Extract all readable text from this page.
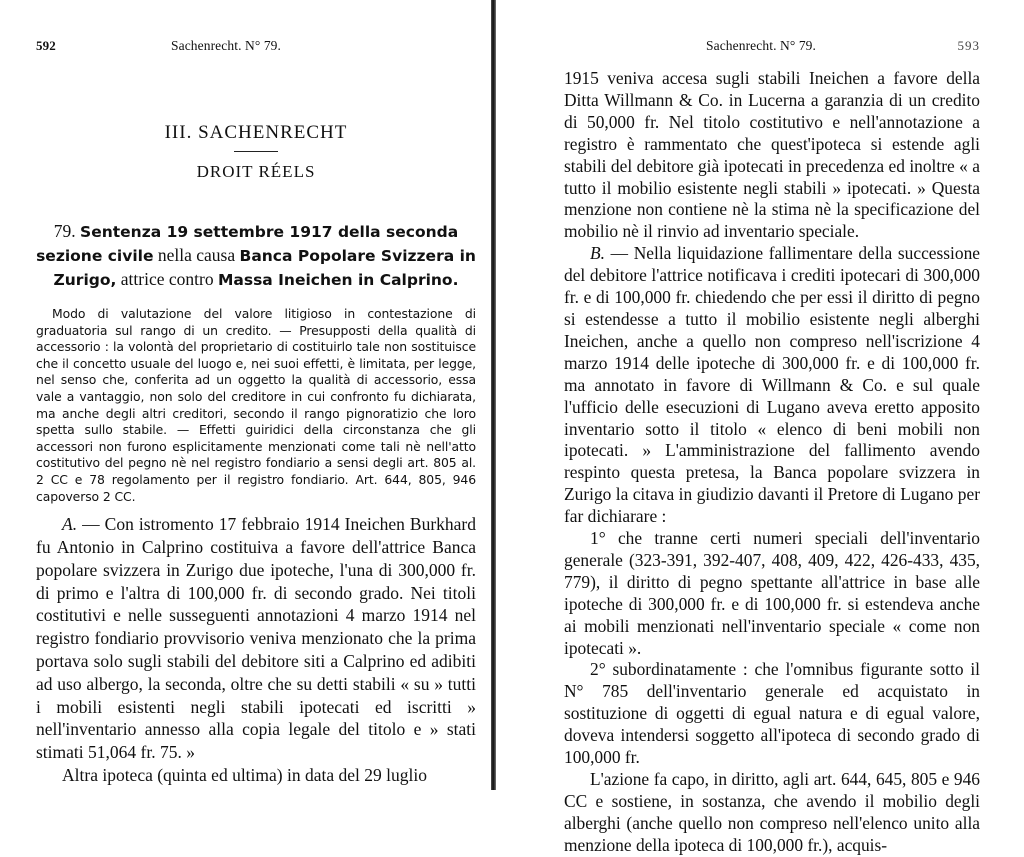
592	Sachenrecht. N° 79.
III. SACHENRECHT
DROIT RÉELS
79. Sentenza 19 settembre 1917 della seconda sezione civile nella causa Banca Popolare Svizzera in Zurigo, attrice contro Massa Ineichen in Calprino.
Modo di valutazione del valore litigioso in contestazione di graduatoria sul rango di un credito. — Presupposti della qualità di accessorio : la volontà del proprietario di costituirlo tale non sostituisce che il concetto usuale del luogo e, nei suoi effetti, è limitata, per legge, nel senso che, conferita ad un oggetto la qualità di accessorio, essa vale a vantaggio, non solo del creditore in cui confronto fu dichiarata, ma anche degli altri creditori, secondo il rango pignoratizio che loro spetta sullo stabile. — Effetti guiridici della circonstanza che gli accessori non furono esplicitamente menzionati come tali nè nell'atto costitutivo del pegno nè nel registro fondiario a sensi degli art. 805 al. 2 CC e 78 regolamento per il registro fondiario. Art. 644, 805, 946 capoverso 2 CC.

A. — Con istromento 17 febbraio 1914 Ineichen Burkhard fu Antonio in Calprino costituiva a favore dell'attrice Banca popolare svizzera in Zurigo due ipoteche, l'una di 300,000 fr. di primo e l'altra di 100,000 fr. di secondo grado. Nei titoli costitutivi e nelle susseguenti annotazioni 4 marzo 1914 nel registro fondiario provvisorio veniva menzionato che la prima portava solo sugli stabili del debitore siti a Calprino ed adibiti ad uso albergo, la seconda, oltre che su detti stabili « su » tutti i mobili esistenti negli stabili ipotecati ed iscritti » nell'inventario annesso alla copia legale del titolo e » stati stimati 51,064 fr. 75. »

Altra ipoteca (quinta ed ultima) in data del 29 luglio

Sachenrecht. N° 79.	593

1915 veniva accesa sugli stabili Ineichen a favore della Ditta Willmann & Co. in Lucerna a garanzia di un credito di 50,000 fr. Nel titolo costitutivo e nell'annotazione a registro è rammentato che quest'ipoteca si estende agli stabili del debitore già ipotecati in precedenza ed inoltre « a tutto il mobilio esistente negli stabili » ipotecati. » Questa menzione non contiene nè la stima nè la specificazione del mobilio nè il rinvio ad inventario speciale.

B. — Nella liquidazione fallimentare della successione del debitore l'attrice notificava i crediti ipotecari di 300,000 fr. e di 100,000 fr. chiedendo che per essi il diritto di pegno si estendesse a tutto il mobilio esistente negli alberghi Ineichen, anche a quello non compreso nell'iscrizione 4 marzo 1914 delle ipoteche di 300,000 fr. e di 100,000 fr. ma annotato in favore di Willmann & Co. e sul quale l'ufficio delle esecuzioni di Lugano aveva eretto apposito inventario sotto il titolo « elenco di beni mobili non ipotecati. » L'amministrazione del fallimento avendo respinto questa pretesa, la Banca popolare svizzera in Zurigo la citava in giudizio davanti il Pretore di Lugano per far dichiarare :

1° che tranne certi numeri speciali dell'inventario generale (323-391, 392-407, 408, 409, 422, 426-433, 435, 779), il diritto di pegno spettante all'attrice in base alle ipoteche di 300,000 fr. e di 100,000 fr. si estendeva anche ai mobili menzionati nell'inventario speciale « come non ipotecati ».

2° subordinatamente : che l'omnibus figurante sotto il N° 785 dell'inventario generale ed acquistato in sostituzione di oggetti di egual natura e di egual valore, doveva intendersi soggetto all'ipoteca di secondo grado di 100,000 fr.

L'azione fa capo, in diritto, agli art. 644, 645, 805 e 946 CC e sostiene, in sostanza, che avendo il mobilio degli alberghi (anche quello non compreso nell'elenco unito alla menzione della ipoteca di 100,000 fr.), acquis-
